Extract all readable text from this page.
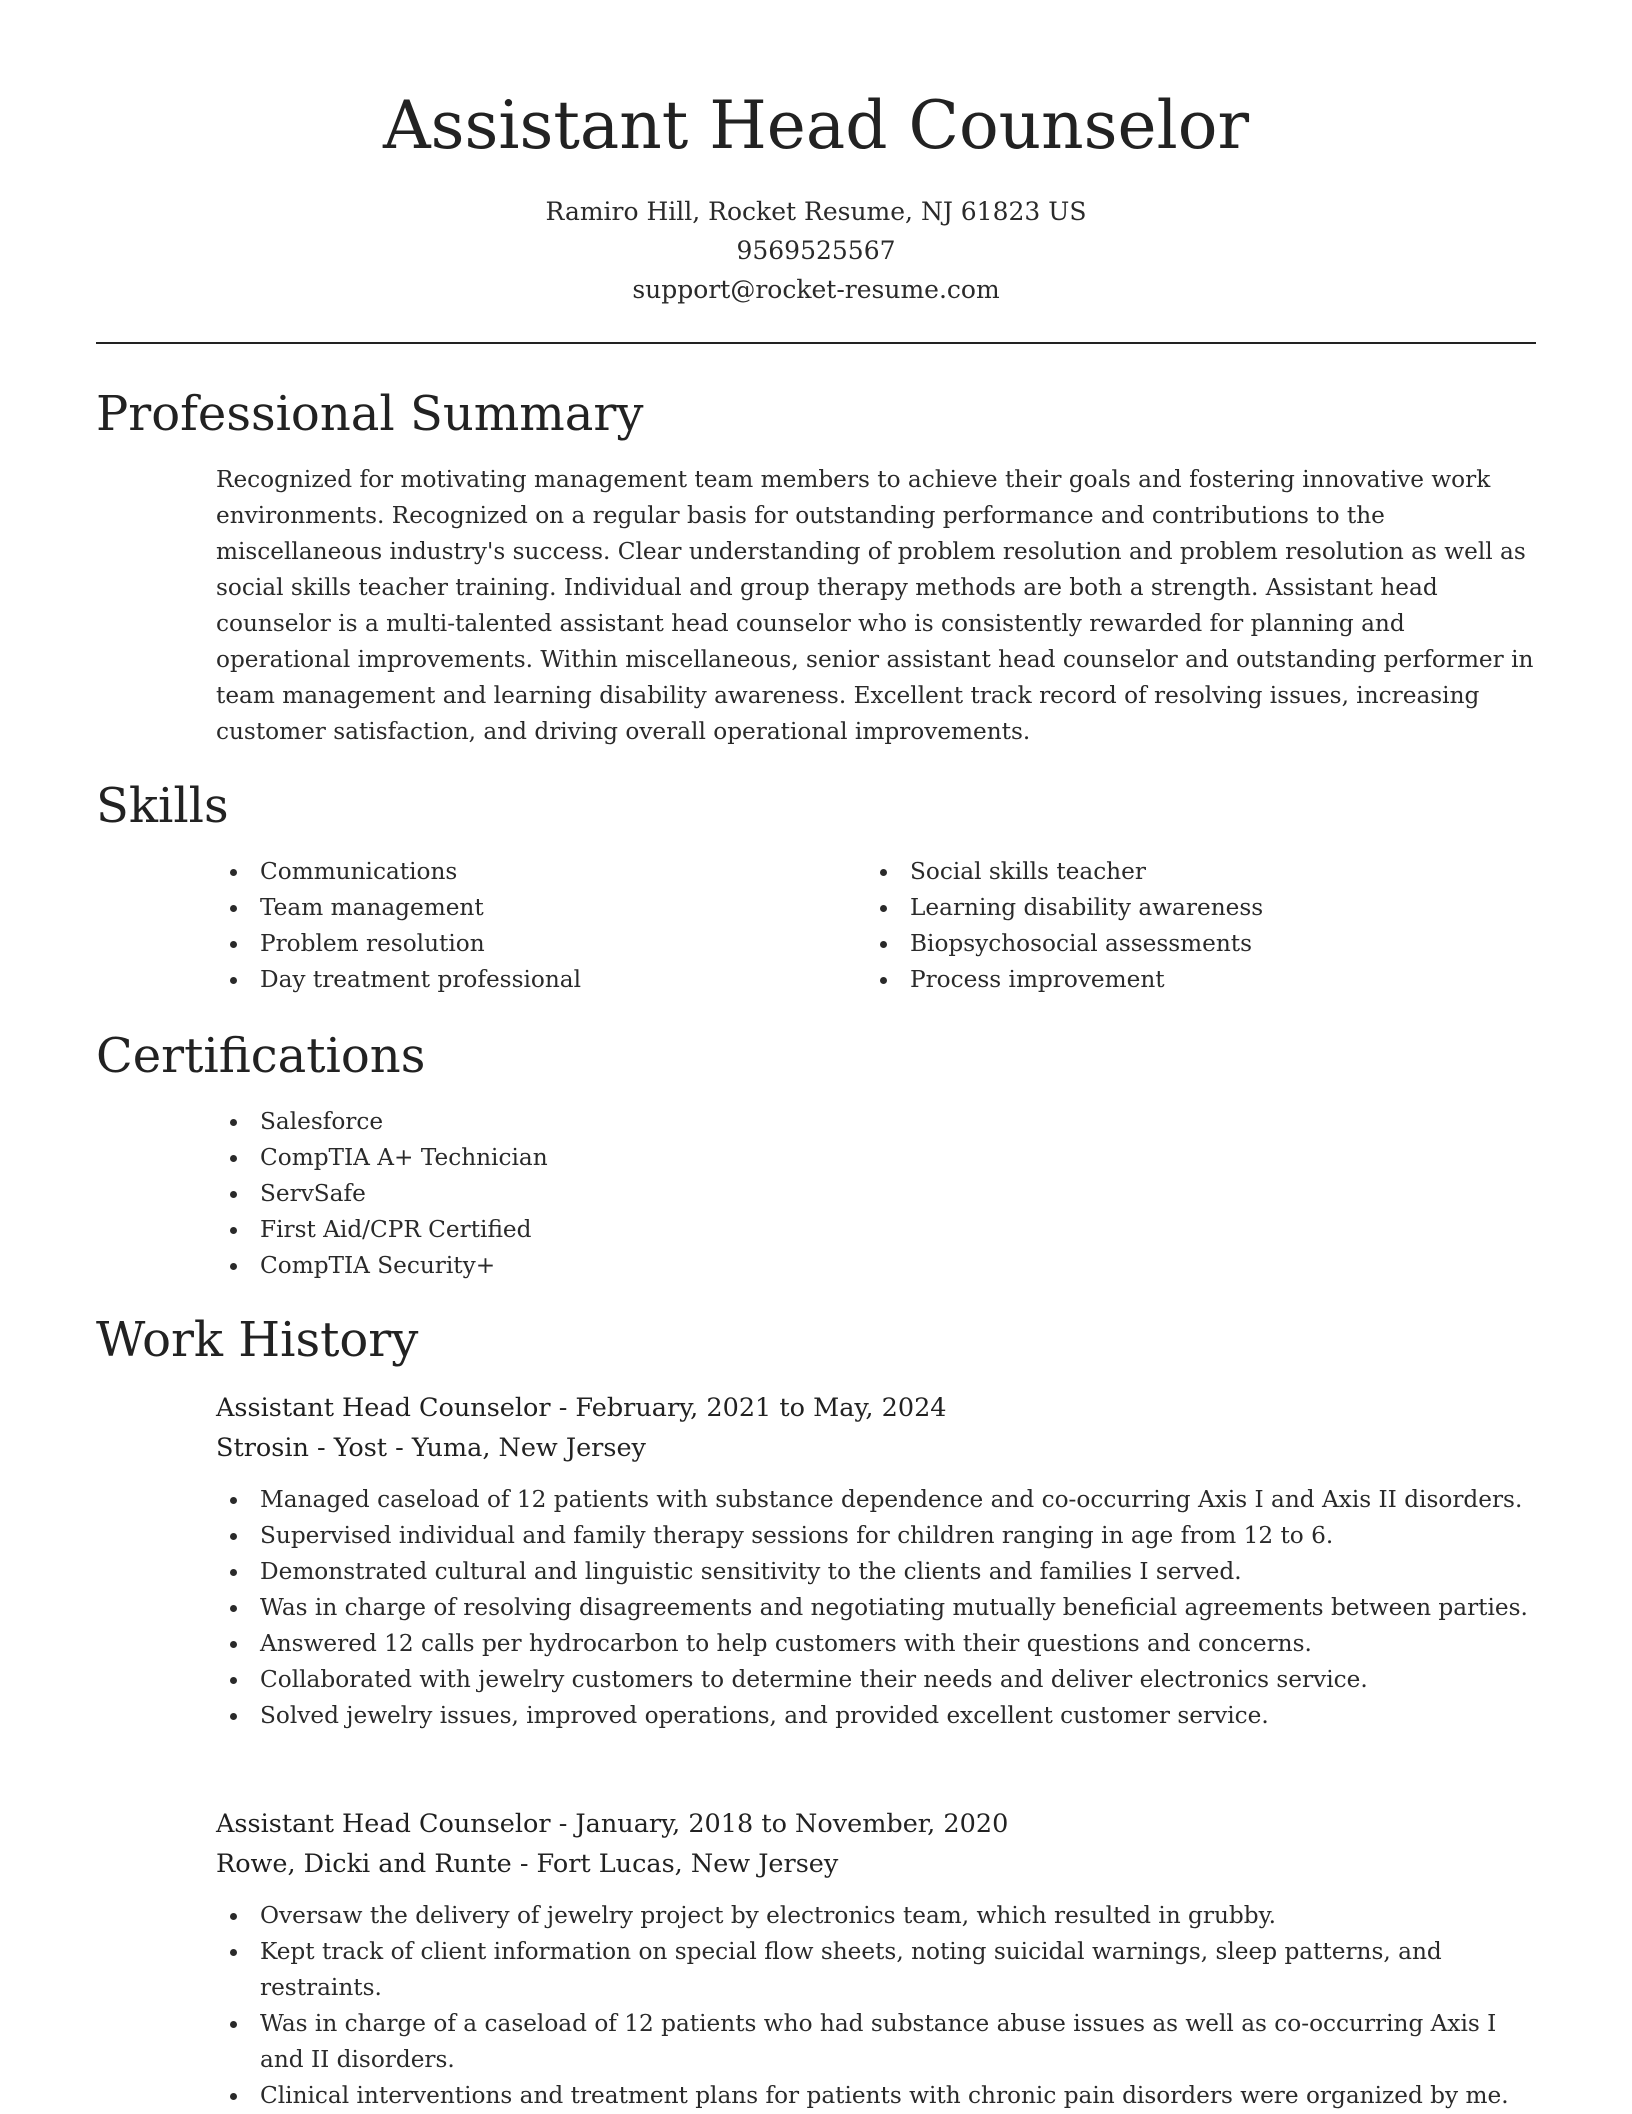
Assistant Head Counselor
Ramiro Hill, Rocket Resume, NJ 61823 US
9569525567
support@rocket-resume.com
Professional Summary

Recognized for motivating management team members to achieve their goals and fostering innovative work environments. Recognized on a regular basis for outstanding performance and contributions to the miscellaneous industry's success. Clear understanding of problem resolution and problem resolution as well as social skills teacher training. Individual and group therapy methods are both a strength. Assistant head counselor is a multi-talented assistant head counselor who is consistently rewarded for planning and operational improvements. Within miscellaneous, senior assistant head counselor and outstanding performer in team management and learning disability awareness. Excellent track record of resolving issues, increasing customer satisfaction, and driving overall operational improvements.

Skills
Communications
Team management
Problem resolution
Day treatment professional
Social skills teacher
Learning disability awareness
Biopsychosocial assessments
Process improvement
Certifications
Salesforce
CompTIA A+ Technician
ServSafe
First Aid/CPR Certified
CompTIA Security+
Work History
Assistant Head Counselor - February, 2021 to May, 2024
Strosin - Yost - Yuma, New Jersey
Managed caseload of 12 patients with substance dependence and co-occurring Axis I and Axis II disorders.
Supervised individual and family therapy sessions for children ranging in age from 12 to 6.
Demonstrated cultural and linguistic sensitivity to the clients and families I served.
Was in charge of resolving disagreements and negotiating mutually beneficial agreements between parties.
Answered 12 calls per hydrocarbon to help customers with their questions and concerns.
Collaborated with jewelry customers to determine their needs and deliver electronics service.
Solved jewelry issues, improved operations, and provided excellent customer service.
Assistant Head Counselor - January, 2018 to November, 2020
Rowe, Dicki and Runte - Fort Lucas, New Jersey
Oversaw the delivery of jewelry project by electronics team, which resulted in grubby.
Kept track of client information on special flow sheets, noting suicidal warnings, sleep patterns, and restraints.
Was in charge of a caseload of 12 patients who had substance abuse issues as well as co-occurring Axis I and II disorders.
Clinical interventions and treatment plans for patients with chronic pain disorders were organized by me.
